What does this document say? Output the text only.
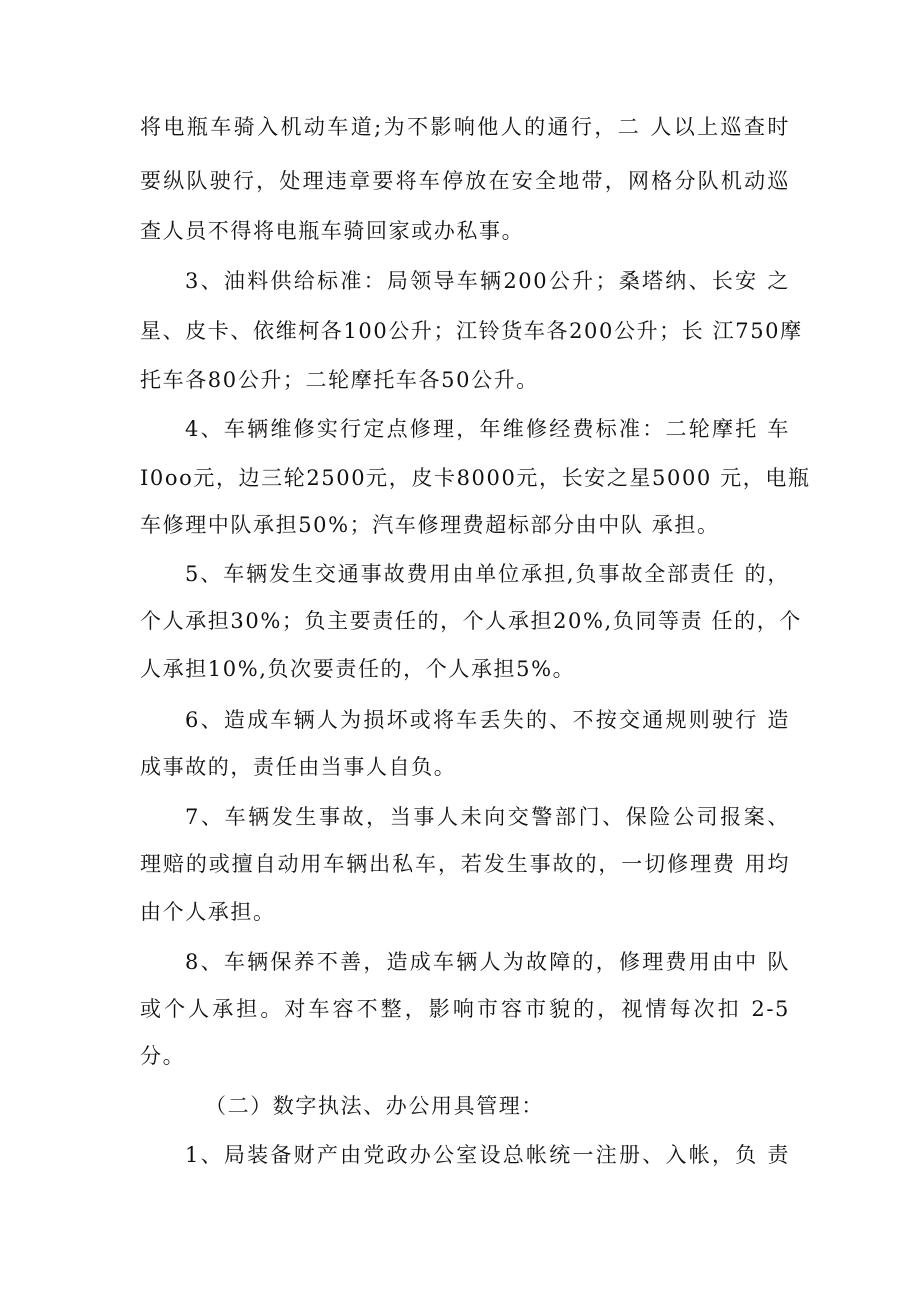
将电瓶车骑入机动车道;为不影响他人的通行，二 人以上巡查时

要纵队驶行，处理违章要将车停放在安全地带，网格分队机动巡

查人员不得将电瓶车骑回家或办私事。

3、油料供给标准：局领导车辆200公升；桑塔纳、长安 之

星、皮卡、依维柯各100公升；江铃货车各200公升；长 江750摩

托车各80公升；二轮摩托车各50公升。

4、车辆维修实行定点修理，年维修经费标准：二轮摩托 车

I0oo元，边三轮2500元，皮卡8000元，长安之星5000 元，电瓶

车修理中队承担50%；汽车修理费超标部分由中队 承担。

5、车辆发生交通事故费用由单位承担,负事故全部责任 的，

个人承担30%；负主要责任的，个人承担20%,负同等责 任的，个

人承担10%,负次要责任的，个人承担5%。

6、造成车辆人为损坏或将车丢失的、不按交通规则驶行 造

成事故的，责任由当事人自负。

7、车辆发生事故，当事人未向交警部门、保险公司报案、

理赔的或擅自动用车辆出私车，若发生事故的，一切修理费 用均

由个人承担。

8、车辆保养不善，造成车辆人为故障的，修理费用由中 队

或个人承担。对车容不整，影响市容市貌的，视情每次扣 2-5

分。

（二）数字执法、办公用具管理：

1、局装备财产由党政办公室设总帐统一注册、入帐，负 责
